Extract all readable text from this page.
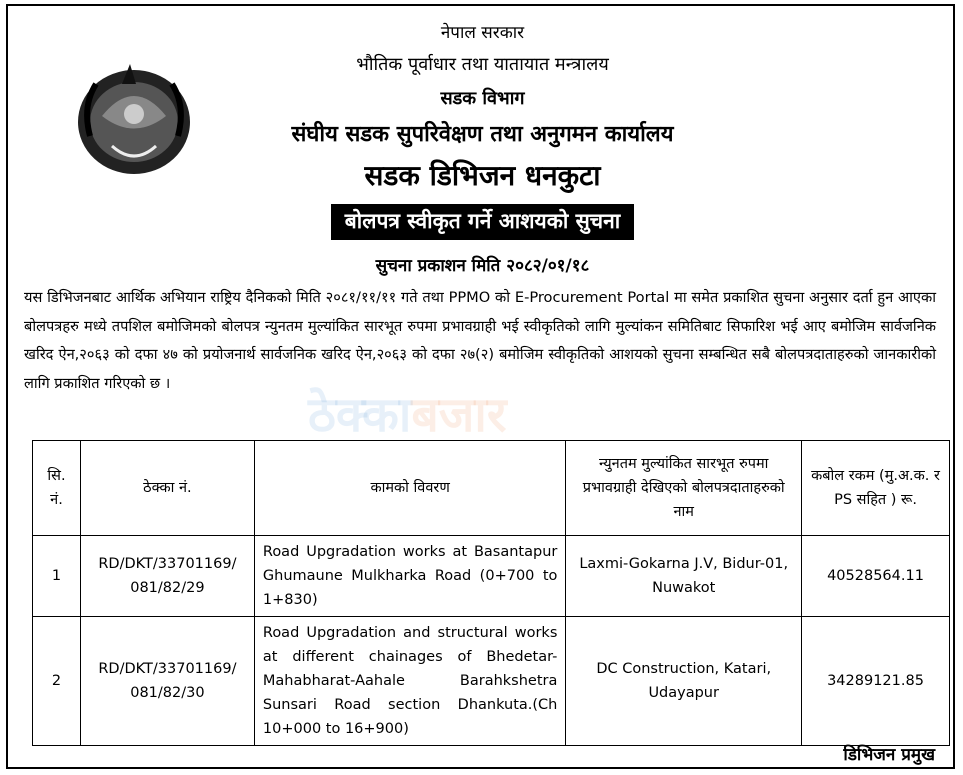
नेपाल सरकार
भौतिक पूर्वाधार तथा यातायात मन्त्रालय
सडक विभाग
संघीय सडक सुपरिवेक्षण तथा अनुगमन कार्यालय
सडक डिभिजन धनकुटा
बोलपत्र स्वीकृत गर्ने आशयको सुचना
सुचना प्रकाशन मिति २०८२/०१/१८
ठेक्काबजार
यस डिभिजनबाट आर्थिक अभियान राष्ट्रिय दैनिकको मिति २०८१/११/११ गते तथा PPMO को E-Procurement Portal मा समेत प्रकाशित सुचना अनुसार दर्ता हुन आएका बोलपत्रहरु मध्ये तपशिल बमोजिमको बोलपत्र न्युनतम मुल्यांकित सारभूत रुपमा प्रभावग्राही भई स्वीकृतिको लागि मुल्यांकन समितिबाट सिफारिश भई आए बमोजिम सार्वजनिक खरिद ऐन,२०६३ को दफा ४७ को प्रयोजनार्थ सार्वजनिक खरिद ऐन,२०६३ को दफा २७(२) बमोजिम स्वीकृतिको आशयको सुचना सम्बन्धित सबै बोलपत्रदाताहरुको जानकारीको लागि प्रकाशित गरिएको छ ।
सि. नं.	ठेक्का नं.	कामको विवरण	न्युनतम मुल्यांकित सारभूत रुपमा प्रभावग्राही देखिएको बोलपत्रदाताहरुको नाम	कबोल रकम (मु.अ.क. र PS सहित ) रू.
1	RD/DKT/33701169/ 081/82/29	Road Upgradation works at Basantapur Ghumaune Mulkharka Road (0+700 to 1+830)	Laxmi-Gokarna J.V, Bidur-01, Nuwakot	40528564.11
2	RD/DKT/33701169/ 081/82/30	Road Upgradation and structural works at different chainages of Bhedetar-Mahabharat-Aahale Barahkshetra Sunsari Road section Dhankuta.(Ch 10+000 to 16+900)	DC Construction, Katari, Udayapur	34289121.85
डिभिजन प्रमुख
